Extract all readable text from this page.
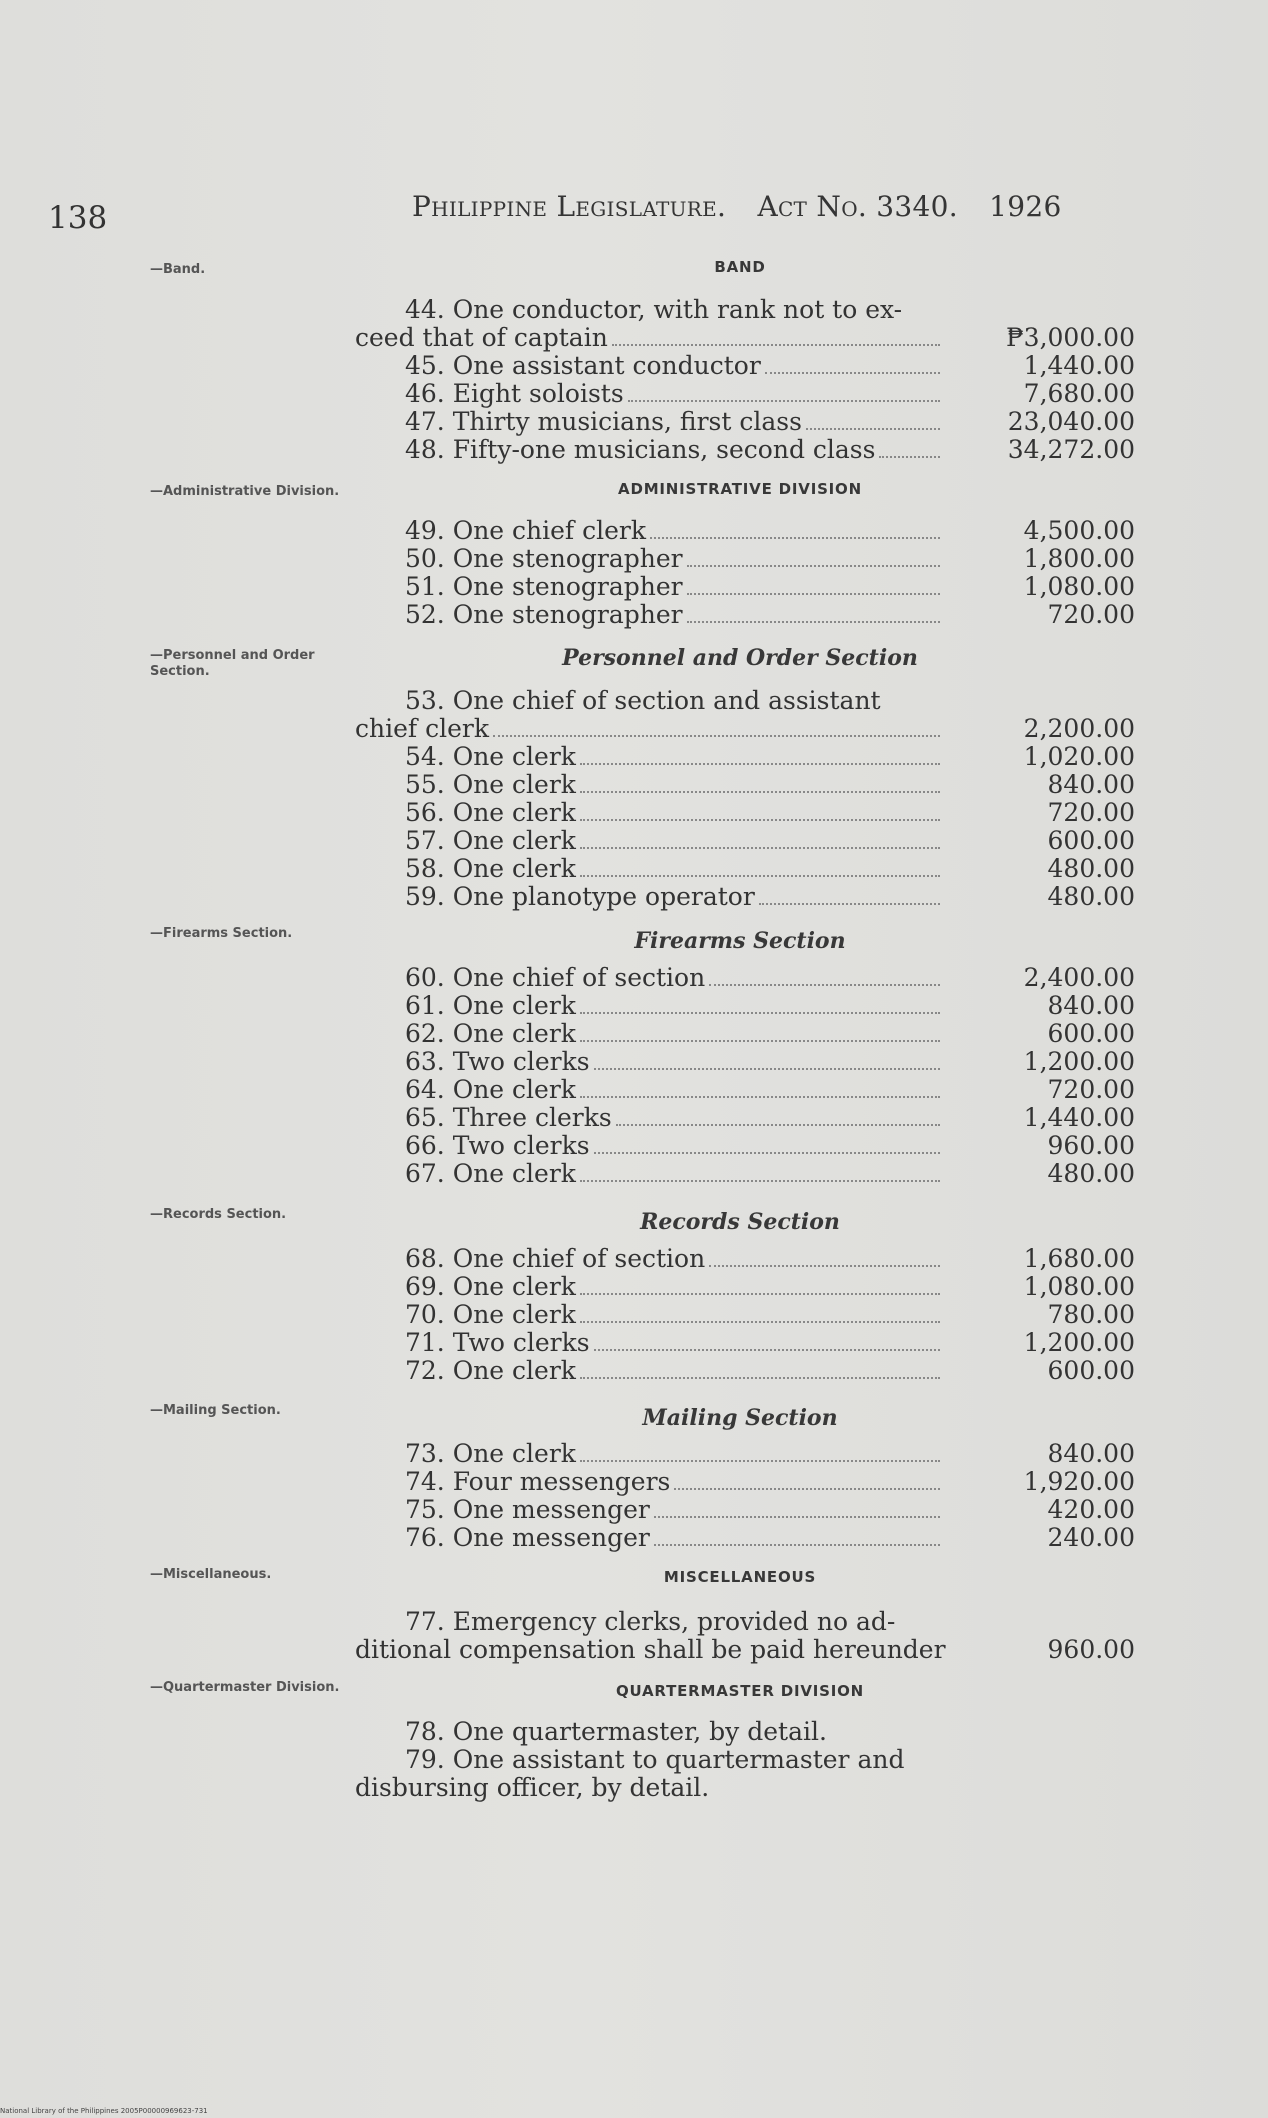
138	Philippine Legislature. Act No. 3340. 1926
National Library of the Philippines 2005P00000969623-731
—Band.
—Administrative Division.
—Personnel and Order Section.
—Firearms Section.
—Records Section.
—Mailing Section.
—Miscellaneous.
—Quartermaster Division.
BAND
44. One conductor, with rank not to ex-
ceed that of captain	₱3,000.00
45. One assistant conductor	1,440.00
46. Eight soloists	7,680.00
47. Thirty musicians, first class	23,040.00
48. Fifty-one musicians, second class	34,272.00
ADMINISTRATIVE DIVISION
49. One chief clerk	4,500.00
50. One stenographer	1,800.00
51. One stenographer	1,080.00
52. One stenographer	720.00
Personnel and Order Section
53. One chief of section and assistant
chief clerk	2,200.00
54. One clerk	1,020.00
55. One clerk	840.00
56. One clerk	720.00
57. One clerk	600.00
58. One clerk	480.00
59. One planotype operator	480.00
Firearms Section
60. One chief of section	2,400.00
61. One clerk	840.00
62. One clerk	600.00
63. Two clerks	1,200.00
64. One clerk	720.00
65. Three clerks	1,440.00
66. Two clerks	960.00
67. One clerk	480.00
Records Section
68. One chief of section	1,680.00
69. One clerk	1,080.00
70. One clerk	780.00
71. Two clerks	1,200.00
72. One clerk	600.00
Mailing Section
73. One clerk	840.00
74. Four messengers	1,920.00
75. One messenger	420.00
76. One messenger	240.00
MISCELLANEOUS
77. Emergency clerks, provided no ad-
ditional compensation shall be paid hereunder	960.00
QUARTERMASTER DIVISION
78. One quartermaster, by detail.
79. One assistant to quartermaster and
disbursing officer, by detail.
